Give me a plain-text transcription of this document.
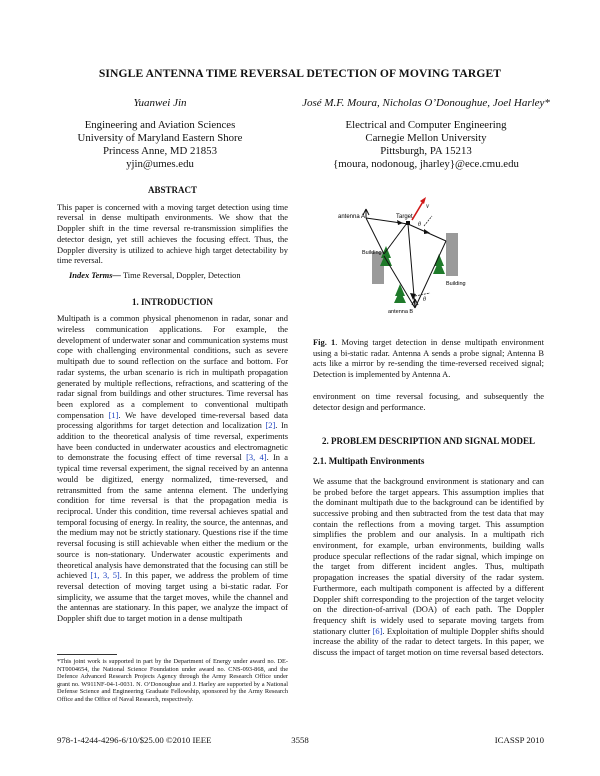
SINGLE ANTENNA TIME REVERSAL DETECTION OF MOVING TARGET
Yuanwei Jin
Engineering and Aviation Sciences
University of Maryland Eastern Shore
Princess Anne, MD 21853
yjin@umes.edu
José M.F. Moura, Nicholas O’Donoughue, Joel Harley*
Electrical and Computer Engineering
Carnegie Mellon University
Pittsburgh, PA 15213
{moura, nodonoug, jharley}@ece.cmu.edu
ABSTRACT

This paper is concerned with a moving target detection using time reversal in dense multipath environments. We show that the Doppler shift in the time reversal re-transmission simplifies the detector design, yet still achieves the focusing effect. Thus, the Doppler diversity is utilized to achieve high target detectability by time reversal.

Index Terms— Time Reversal, Doppler, Detection

1. INTRODUCTION

Multipath is a common physical phenomenon in radar, sonar and wireless communication applications. For example, the development of underwater sonar and communication systems must cope with challenging environmental conditions, such as severe multipath due to sound reflection on the surface and bottom. For radar systems, the urban scenario is rich in multipath propagation generated by multiple reflections, refractions, and scattering of the radar signal from buildings and other structures. Time reversal has been explored as a complement to conventional multipath compensation [1]. We have developed time-reversal based data processing algorithms for target detection and localization [2]. In addition to the theoretical analysis of time reversal, experiments have been conducted in underwater acoustics and electromagnetic to demonstrate the focusing effect of time reversal [3, 4]. In a typical time reversal experiment, the signal received by an antenna would be digitized, energy normalized, time-reversed, and retransmitted from the same antenna element. The underlying condition for time reversal is that the propagation media is reciprocal. Under this condition, time reversal achieves spatial and temporal focusing of energy. In reality, the source, the antennas, and the medium may not be strictly stationary. Questions rise if the time reversal focusing is still achievable when either the medium or the source is non-stationary. Underwater acoustic experiments and theoretical analysis have demonstrated that the focusing can still be achieved [1, 3, 5]. In this paper, we address the problem of time reversal detection of moving target using a bi-static radar. For simplicity, we assume that the target moves, while the channel and the antennas are stationary. In this paper, we analyze the impact of Doppler shift due to target motion in a dense multipath

*This joint work is supported in part by the Department of Energy under award no. DE-NT0004654, the National Science Foundation under award no. CNS-093-868, and the Defence Advanced Research Projects Agency through the Army Research Office under grant no. W911NF-04-1-0031. N. O’Donoughue and J. Harley are supported by a National Defense Science and Engineering Graduate Fellowship, sponsored by the Army Research Office and the Office of Naval Research, respectively.
antenna A	Target
v
θ
θ
Building
Building
antenna B
Fig. 1. Moving target detection in dense multipath environment using a bi-static radar. Antenna A sends a probe signal; Antenna B acts like a mirror by re-sending the time-reversed received signal; Detection is implemented by Antenna A.

environment on time reversal focusing, and subsequently the detector design and performance.

2. PROBLEM DESCRIPTION AND SIGNAL MODEL
2.1. Multipath Environments

We assume that the background environment is stationary and can be probed before the target appears. This assumption implies that the dominant multipath due to the background can be identified by successive probing and then subtracted from the test data that may contain the reflections from a moving target. This assumption simplifies the problem and our analysis. In a multipath rich environment, for example, urban environments, building walls produce specular reflections of the radar signal, which impinge on the target from different incident angles. Thus, multipath propagation increases the spatial diversity of the radar system. Furthermore, each multipath component is affected by a different Doppler shift corresponding to the projection of the target velocity on the direction-of-arrival (DOA) of each path. The Doppler frequency shift is widely used to separate moving targets from stationary clutter [6]. Exploitation of multiple Doppler shifts should increase the ability of the radar to detect targets. In this paper, we discuss the impact of target motion on time reversal based detectors.

978-1-4244-4296-6/10/$25.00 ©2010 IEEE	3558	ICASSP 2010
